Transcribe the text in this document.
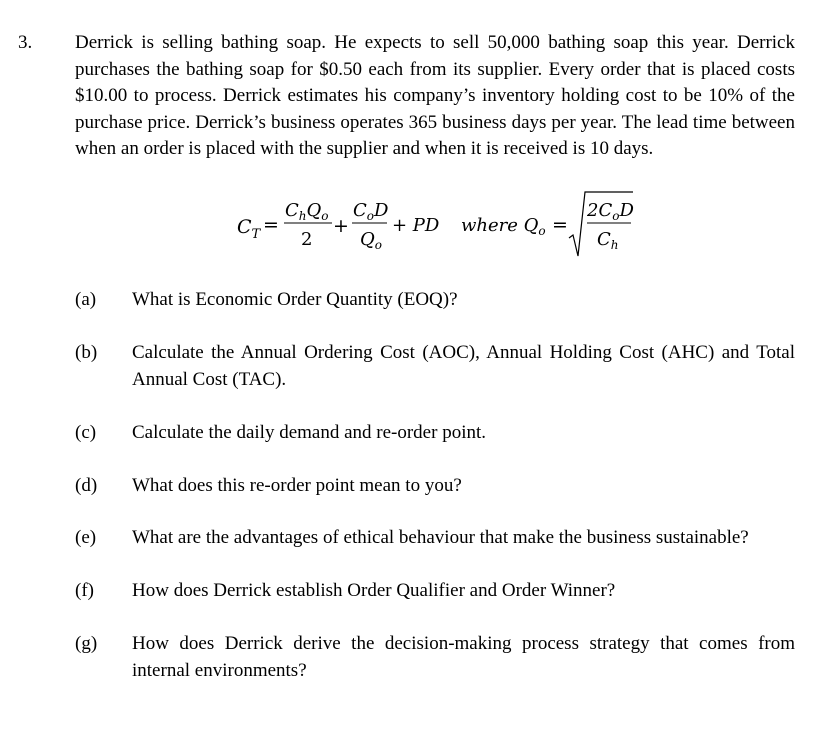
3. Derrick is selling bathing soap. He expects to sell 50,000 bathing soap this year. Derrick purchases the bathing soap for $0.50 each from its supplier. Every order that is placed costs $10.00 to process. Derrick estimates his company’s inventory holding cost to be 10% of the purchase price. Derrick’s business operates 365 business days per year. The lead time between when an order is placed with the supplier and when it is received is 10 days.

$C_T$ =
$C_hQ_o$
2
+
$C_oD$
$Q_o$
+ PD where $Q_o$ =
$2C_oD$
$C_h$
(a) What is Economic Order Quantity (EOQ)?

(b) Calculate the Annual Ordering Cost (AOC), Annual Holding Cost (AHC) and Total Annual Cost (TAC).

(c) Calculate the daily demand and re-order point.

(d) What does this re-order point mean to you?

(e) What are the advantages of ethical behaviour that make the business sustainable?

(f) How does Derrick establish Order Qualifier and Order Winner?

(g) How does Derrick derive the decision-making process strategy that comes from internal environments?
